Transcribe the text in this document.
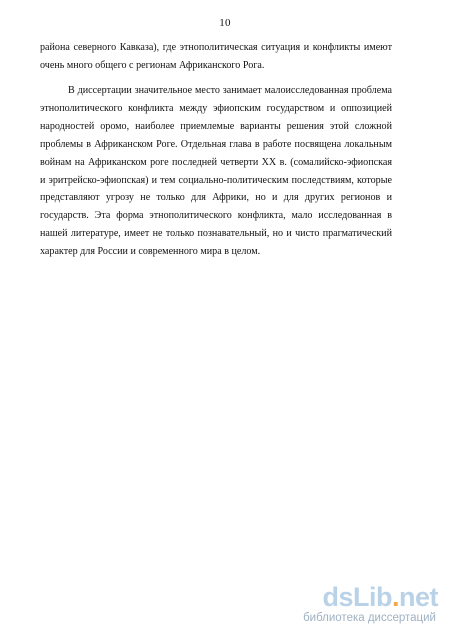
10
района северного Кавказа), где этнополитическая ситуация и конфликты имеют
очень много общего с регионам Африканского Рога.
В диссертации значительное место занимает малоисследованная проблема
этнополитического конфликта между эфиопским государством и оппозицией
народностей оромо, наиболее приемлемые варианты решения этой сложной
проблемы в Африканском Роге. Отдельная глава в работе посвящена локальным
войнам на Африканском роге последней четверти XX в. (сомалийско-эфиопская
и эритрейско-эфиопская) и тем социально-политическим последствиям, которые
представляют угрозу не только для Африки, но и для других регионов и
государств. Эта форма этнополитического конфликта, мало исследованная в
нашей литературе, имеет не только познавательный, но и чисто прагматический
характер для России и современного мира в целом.
dsLib.net
библиотека диссертаций
